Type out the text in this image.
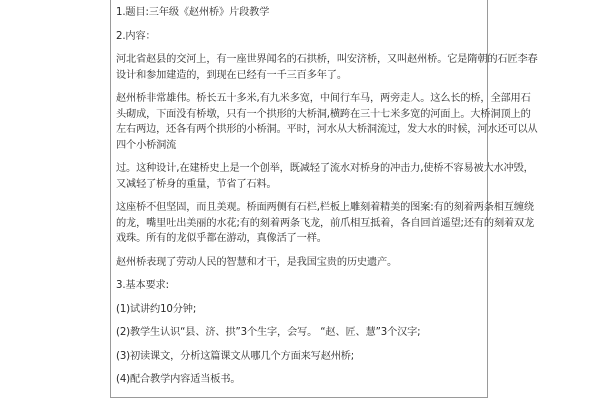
1.题目:三年级《赵州桥》片段教学

2.内容：

河北省赵县的交河上，有一座世界闻名的石拱桥，叫安济桥，又叫赵州桥。它是隋朝的石匠李春
设计和参加建造的，到现在已经有一千三百多年了。

赵州桥非常雄伟。桥长五十多米,有九米多宽，中间行车马，两旁走人。这么长的桥，全部用石
头砌成，下面没有桥墩，只有一个拱形的大桥洞,横跨在三十七米多宽的河面上。大桥洞顶上的
左右两边，还各有两个拱形的小桥洞。平时，河水从大桥洞流过，发大水的时候，河水还可以从
四个小桥洞流

过。这种设计,在建桥史上是一个创举，既减轻了流水对桥身的冲击力,使桥不容易被大水冲毁，
又减轻了桥身的重量，节省了石料。

这座桥不但坚固，而且美观。桥面两侧有石栏,栏板上雕刻着精美的图案:有的刻着两条相互缠绕
的龙，嘴里吐出美丽的水花;有的刻着两条飞龙，前爪相互抵着，各自回首遥望;还有的刻着双龙
戏珠。所有的龙似乎都在游动，真像活了一样。

赵州桥表现了劳动人民的智慧和才干，是我国宝贵的历史遗产。

3.基本要求:

(1)试讲约10分钟;

(2)教学生认识“县、济、拱”3个生字，会写。 “赵、匠、慧”3个汉字;

(3)初读课文，分析这篇课文从哪几个方面来写赵州桥;

(4)配合教学内容适当板书。
